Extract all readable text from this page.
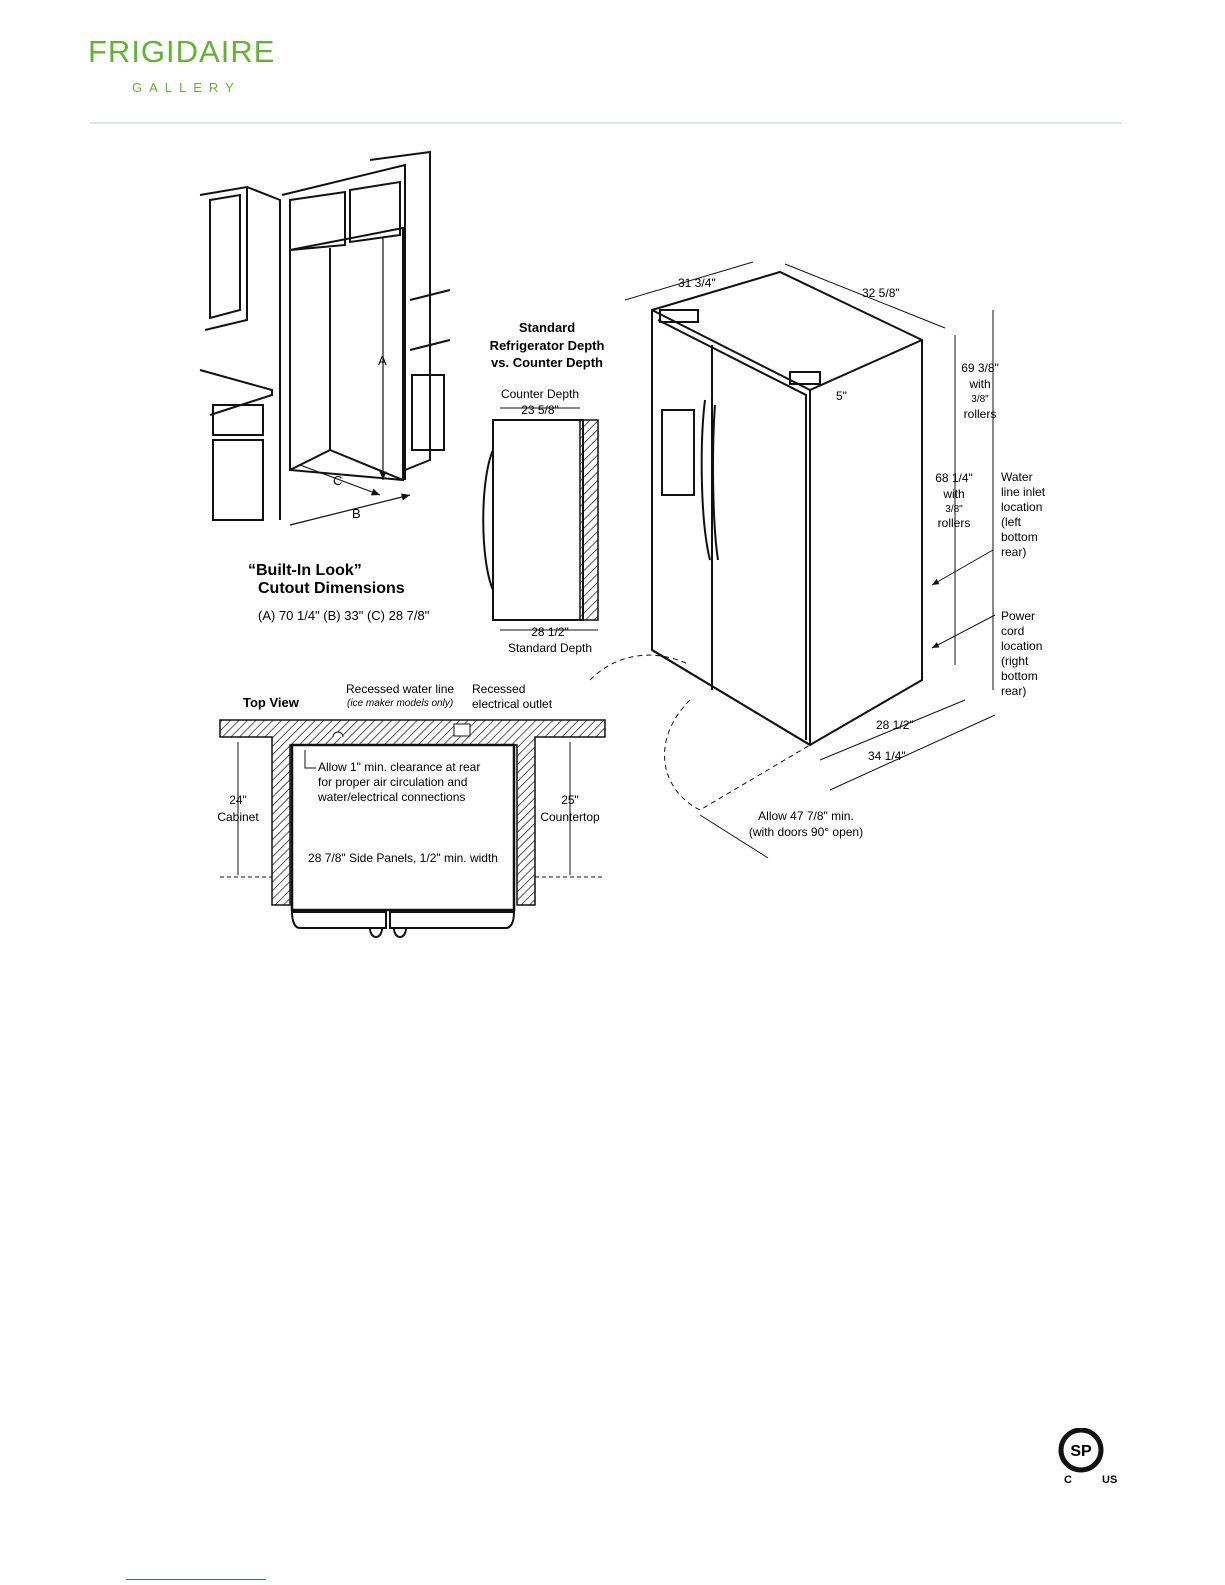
FRIGIDAIRE
GALLERY
A
C
B
“Built-In Look”
Cutout Dimensions
(A) 70 1/4" (B) 33" (C) 28 7/8"
Standard
Refrigerator Depth
vs. Counter Depth
Counter Depth
23 5/8"
28 1/2"
Standard Depth
31 3/4"
32 5/8"
5"
69 3/8"
with
3/8"
rollers
68 1/4"
with
3/8"
rollers
Water
line inlet
location
(left
bottom
rear)
Power
cord
location
(right
bottom
rear)
28 1/2"
34 1/4"
Allow 47 7/8" min.
(with doors 90° open)
Top View
Recessed water line
(ice maker models only)
Recessed
electrical outlet
Allow 1" min. clearance at rear
for proper air circulation and
water/electrical connections
24"
Cabinet
25"
Countertop
28 7/8" Side Panels, 1/2" min. width
SP
C	US
